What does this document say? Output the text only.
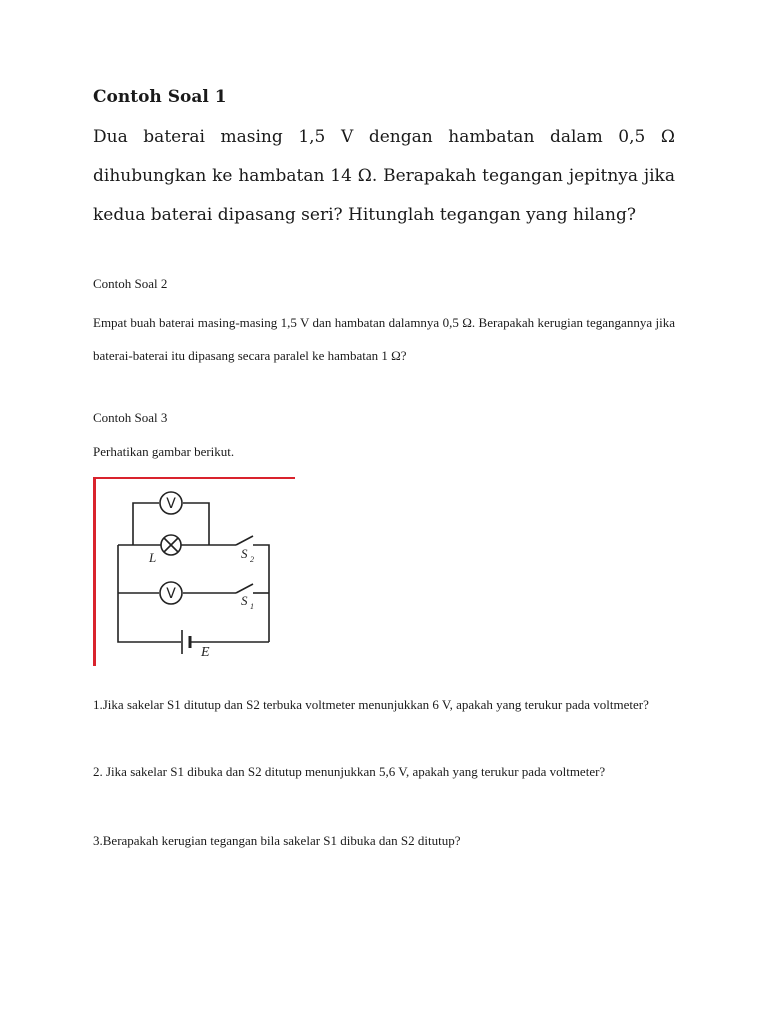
Contoh Soal 1
Dua baterai masing 1,5 V dengan hambatan dalam 0,5 Ω dihubungkan ke hambatan 14 Ω. Berapakah tegangan jepitnya jika kedua baterai dipasang seri? Hitunglah tegangan yang hilang?
Contoh Soal 2
Empat buah baterai masing-masing 1,5 V dan hambatan dalamnya 0,5 Ω. Berapakah kerugian tegangannya jika baterai-baterai itu dipasang secara paralel ke hambatan 1 Ω?
Contoh Soal 3
Perhatikan gambar berikut.
V
V
L	S 2
S 1
E
1.Jika sakelar S1 ditutup dan S2 terbuka voltmeter menunjukkan 6 V, apakah yang terukur pada voltmeter?
2. Jika sakelar S1 dibuka dan S2 ditutup menunjukkan 5,6 V, apakah yang terukur pada voltmeter?
3.Berapakah kerugian tegangan bila sakelar S1 dibuka dan S2 ditutup?
